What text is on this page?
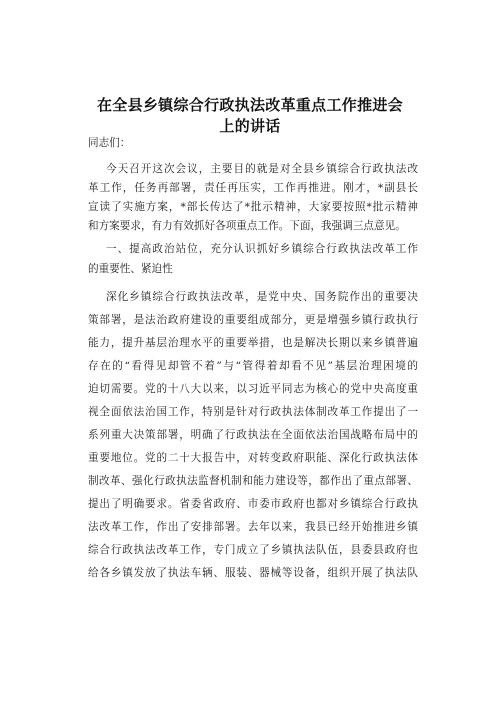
在全县乡镇综合行政执法改革重点工作推进会
上的讲话
同志们：
今天召开这次会议，主要目的就是对全县乡镇综合行政执法改
革工作，任务再部署，责任再压实，工作再推进。刚才，*副县长
宣读了实施方案，*部长传达了*批示精神，大家要按照*批示精神
和方案要求，有力有效抓好各项重点工作。下面，我强调三点意见。
一、提高政治站位，充分认识抓好乡镇综合行政执法改革工作
的重要性、紧迫性
深化乡镇综合行政执法改革，是党中央、国务院作出的重要决
策部署，是法治政府建设的重要组成部分，更是增强乡镇行政执行
能力，提升基层治理水平的重要举措，也是解决长期以来乡镇普遍
存在的“看得见却管不着”与“管得着却看不见”基层治理困境的
迫切需要。党的十八大以来，以习近平同志为核心的党中央高度重
视全面依法治国工作，特别是针对行政执法体制改革工作提出了一
系列重大决策部署，明确了行政执法在全面依法治国战略布局中的
重要地位。党的二十大报告中，对转变政府职能、深化行政执法体
制改革、强化行政执法监督机制和能力建设等，都作出了重点部署、
提出了明确要求。省委省政府、市委市政府也都对乡镇综合行政执
法改革工作，作出了安排部署。去年以来，我县已经开始推进乡镇
综合行政执法改革工作，专门成立了乡镇执法队伍，县委县政府也
给各乡镇发放了执法车辆、服装、器械等设备，组织开展了执法队
